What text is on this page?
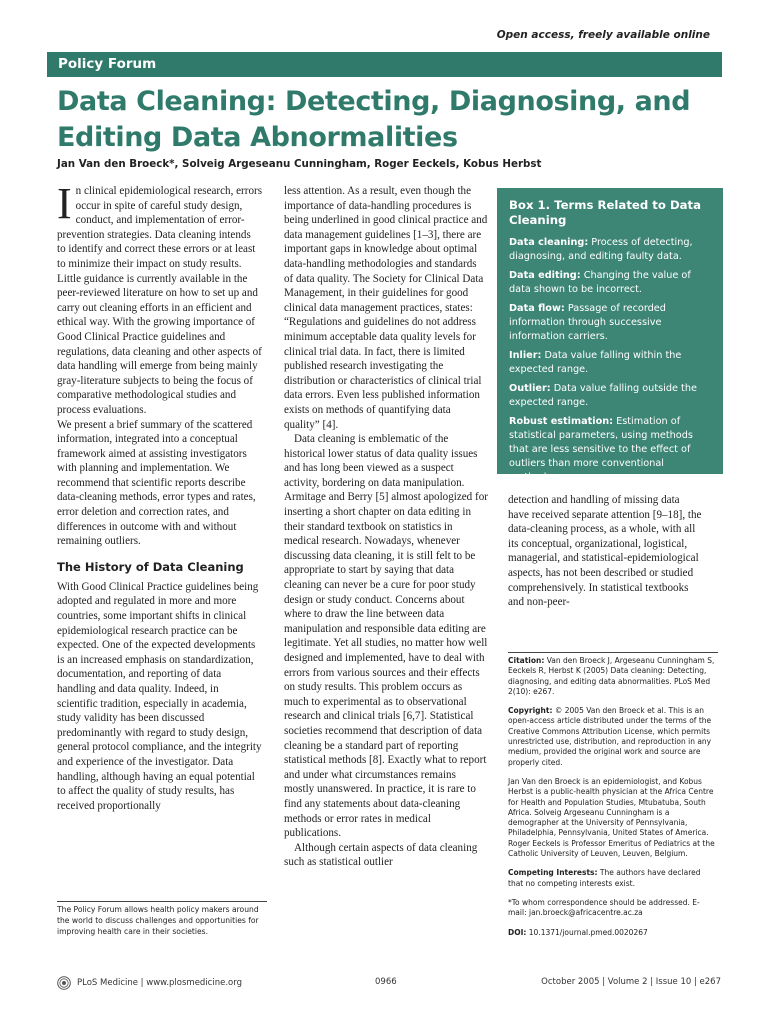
Open access, freely available online
Policy Forum
Data Cleaning: Detecting, Diagnosing, and Editing Data Abnormalities
Jan Van den Broeck*, Solveig Argeseanu Cunningham, Roger Eeckels, Kobus Herbst

In clinical epidemiological research, errors occur in spite of careful study design, conduct, and implementation of error-prevention strategies. Data cleaning intends to identify and correct these errors or at least to minimize their impact on study results. Little guidance is currently available in the peer-reviewed literature on how to set up and carry out cleaning efforts in an efficient and ethical way. With the growing importance of Good Clinical Practice guidelines and regulations, data cleaning and other aspects of data handling will emerge from being mainly gray-literature subjects to being the focus of comparative methodological studies and process evaluations.

We present a brief summary of the scattered information, integrated into a conceptual framework aimed at assisting investigators with planning and implementation. We recommend that scientific reports describe data-cleaning methods, error types and rates, error deletion and correction rates, and differences in outcome with and without remaining outliers.

The History of Data Cleaning

With Good Clinical Practice guidelines being adopted and regulated in more and more countries, some important shifts in clinical epidemiological research practice can be expected. One of the expected developments is an increased emphasis on standardization, documentation, and reporting of data handling and data quality. Indeed, in scientific tradition, especially in academia, study validity has been discussed predominantly with regard to study design, general protocol compliance, and the integrity and experience of the investigator. Data handling, although having an equal potential to affect the quality of study results, has received proportionally

less attention. As a result, even though the importance of data-handling procedures is being underlined in good clinical practice and data management guidelines [1–3], there are important gaps in knowledge about optimal data-handling methodologies and standards of data quality. The Society for Clinical Data Management, in their guidelines for good clinical data management practices, states: “Regulations and guidelines do not address minimum acceptable data quality levels for clinical trial data. In fact, there is limited published research investigating the distribution or characteristics of clinical trial data errors. Even less published information exists on methods of quantifying data quality” [4].

Data cleaning is emblematic of the historical lower status of data quality issues and has long been viewed as a suspect activity, bordering on data manipulation. Armitage and Berry [5] almost apologized for inserting a short chapter on data editing in their standard textbook on statistics in medical research. Nowadays, whenever discussing data cleaning, it is still felt to be appropriate to start by saying that data cleaning can never be a cure for poor study design or study conduct. Concerns about where to draw the line between data manipulation and responsible data editing are legitimate. Yet all studies, no matter how well designed and implemented, have to deal with errors from various sources and their effects on study results. This problem occurs as much to experimental as to observational research and clinical trials [6,7]. Statistical societies recommend that description of data cleaning be a standard part of reporting statistical methods [8]. Exactly what to report and under what circumstances remains mostly unanswered. In practice, it is rare to find any statements about data-cleaning methods or error rates in medical publications.

Although certain aspects of data cleaning such as statistical outlier

detection and handling of missing data have received separate attention [9–18], the data-cleaning process, as a whole, with all its conceptual, organizational, logistical, managerial, and statistical-epidemiological aspects, has not been described or studied comprehensively. In statistical textbooks and non-peer-

The Policy Forum allows health policy makers around the world to discuss challenges and opportunities for improving health care in their societies.
Box 1. Terms Related to Data Cleaning
Data cleaning: Process of detecting, diagnosing, and editing faulty data.
Data editing: Changing the value of data shown to be incorrect.
Data flow: Passage of recorded information through successive information carriers.
Inlier: Data value falling within the expected range.
Outlier: Data value falling outside the expected range.
Robust estimation: Estimation of statistical parameters, using methods that are less sensitive to the effect of outliers than more conventional methods.

Citation: Van den Broeck J, Argeseanu Cunningham S, Eeckels R, Herbst K (2005) Data cleaning: Detecting, diagnosing, and editing data abnormalities. PLoS Med 2(10): e267.

Copyright: © 2005 Van den Broeck et al. This is an open-access article distributed under the terms of the Creative Commons Attribution License, which permits unrestricted use, distribution, and reproduction in any medium, provided the original work and source are properly cited.

Jan Van den Broeck is an epidemiologist, and Kobus Herbst is a public-health physician at the Africa Centre for Health and Population Studies, Mtubatuba, South Africa. Solveig Argeseanu Cunningham is a demographer at the University of Pennsylvania, Philadelphia, Pennsylvania, United States of America. Roger Eeckels is Professor Emeritus of Pediatrics at the Catholic University of Leuven, Leuven, Belgium.

Competing Interests: The authors have declared that no competing interests exist.

*To whom correspondence should be addressed. E-mail: jan.broeck@africacentre.ac.za

DOI: 10.1371/journal.pmed.0020267

PLoS Medicine | www.plosmedicine.org	0966	October 2005 | Volume 2 | Issue 10 | e267
